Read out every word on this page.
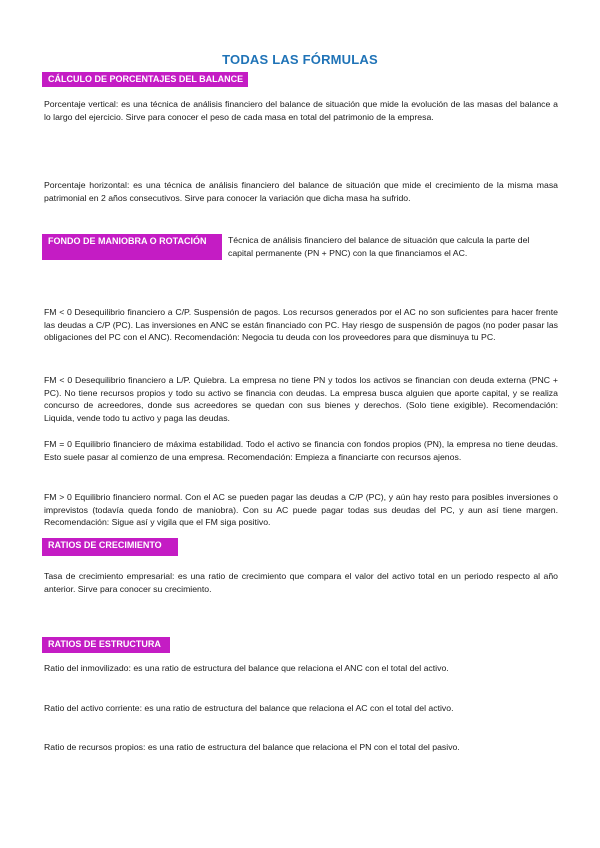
TODAS LAS FÓRMULAS
CÁLCULO DE PORCENTAJES DEL BALANCE
Porcentaje vertical: es una técnica de análisis financiero del balance de situación que mide la evolución de las masas del balance a lo largo del ejercicio. Sirve para conocer el peso de cada masa en total del patrimonio de la empresa.
Porcentaje horizontal: es una técnica de análisis financiero del balance de situación que mide el crecimiento de la misma masa patrimonial en 2 años consecutivos. Sirve para conocer la variación que dicha masa ha sufrido.
FONDO DE MANIOBRA O ROTACIÓN	Técnica de análisis financiero del balance de situación que calcula la parte del capital permanente (PN + PNC) con la que financiamos el AC.
FM < 0 Desequilibrio financiero a C/P. Suspensión de pagos. Los recursos generados por el AC no son suficientes para hacer frente las deudas a C/P (PC). Las inversiones en ANC se están financiado con PC. Hay riesgo de suspensión de pagos (no poder pasar las obligaciones del PC con el ANC). Recomendación: Negocia tu deuda con los proveedores para que disminuya tu PC.
FM < 0 Desequilibrio financiero a L/P. Quiebra. La empresa no tiene PN y todos los activos se financian con deuda externa (PNC + PC). No tiene recursos propios y todo su activo se financia con deudas. La empresa busca alguien que aporte capital, y se realiza concurso de acreedores, donde sus acreedores se quedan con sus bienes y derechos. (Solo tiene exigible). Recomendación: Liquida, vende todo tu activo y paga las deudas.
FM = 0 Equilibrio financiero de máxima estabilidad. Todo el activo se financia con fondos propios (PN), la empresa no tiene deudas. Esto suele pasar al comienzo de una empresa. Recomendación: Empieza a financiarte con recursos ajenos.
FM > 0 Equilibrio financiero normal. Con el AC se pueden pagar las deudas a C/P (PC), y aún hay resto para posibles inversiones o imprevistos (todavía queda fondo de maniobra). Con su AC puede pagar todas sus deudas del PC, y aun así tiene margen. Recomendación: Sigue así y vigila que el FM siga positivo.
RATIOS DE CRECIMIENTO
Tasa de crecimiento empresarial: es una ratio de crecimiento que compara el valor del activo total en un periodo respecto al año anterior. Sirve para conocer su crecimiento.
RATIOS DE ESTRUCTURA
Ratio del inmovilizado: es una ratio de estructura del balance que relaciona el ANC con el total del activo.
Ratio del activo corriente: es una ratio de estructura del balance que relaciona el AC con el total del activo.
Ratio de recursos propios: es una ratio de estructura del balance que relaciona el PN con el total del pasivo.
